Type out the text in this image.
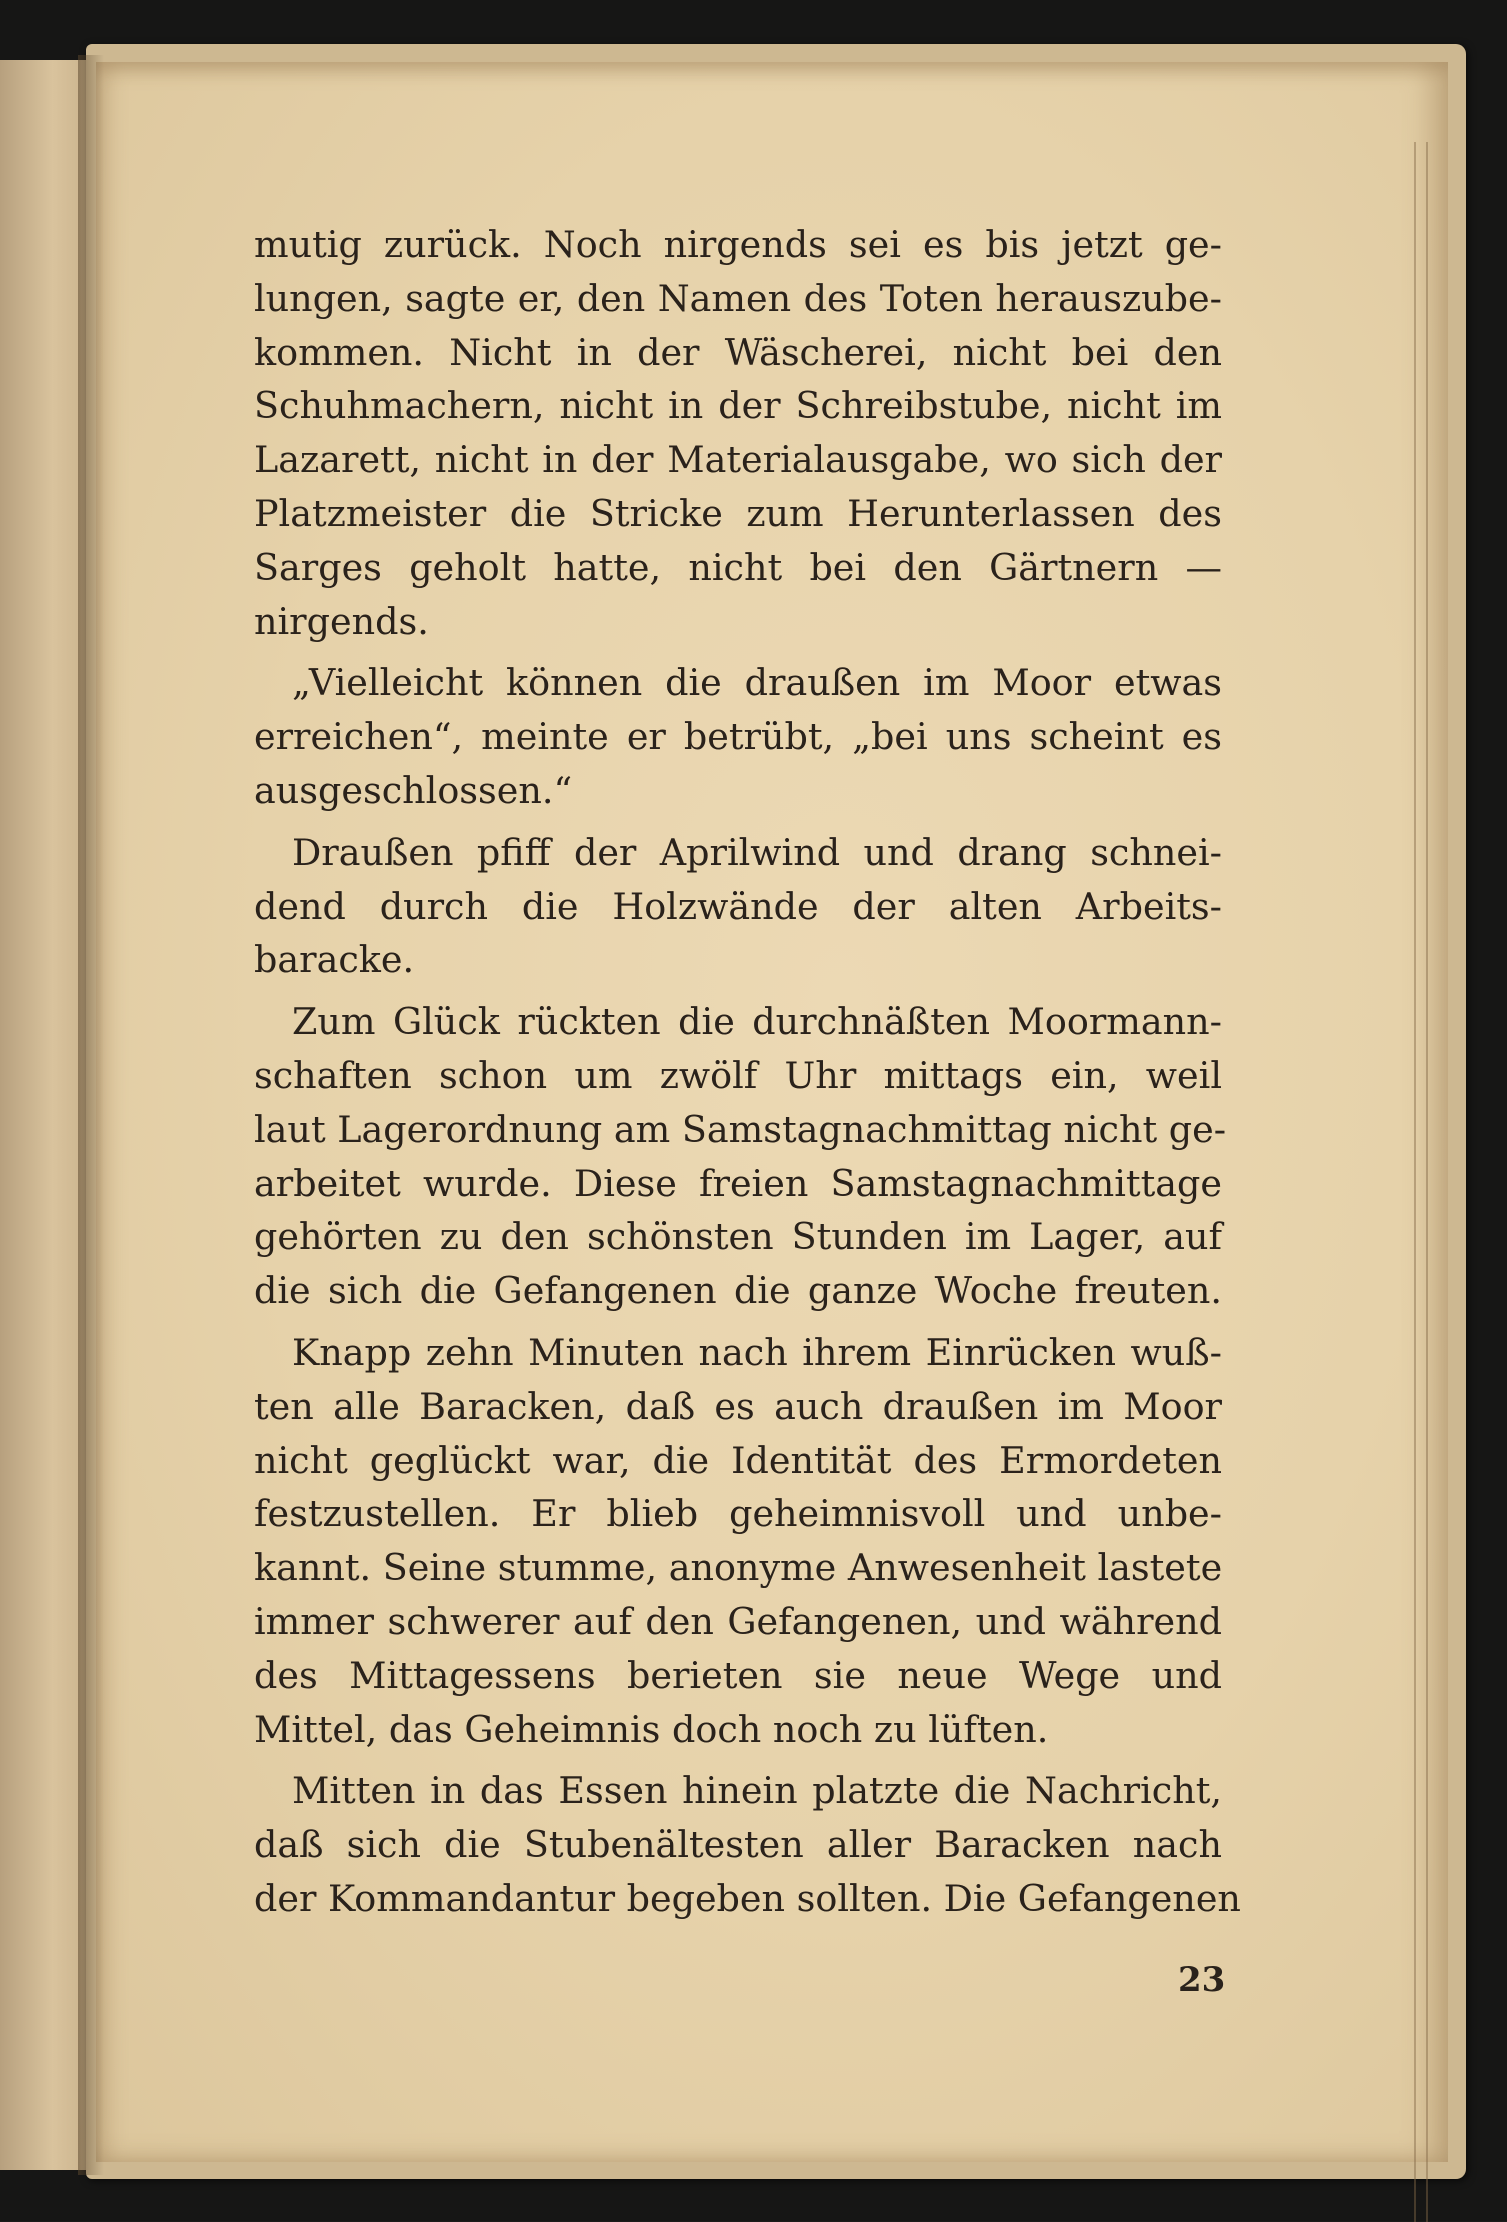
mutig zurück. Noch nirgends sei es bis jetzt ge-
lungen, sagte er, den Namen des Toten herauszube-
kommen. Nicht in der Wäscherei, nicht bei den
Schuhmachern, nicht in der Schreibstube, nicht im
Lazarett, nicht in der Materialausgabe, wo sich der
Platzmeister die Stricke zum Herunterlassen des
Sarges geholt hatte, nicht bei den Gärtnern —
nirgends.
„Vielleicht können die draußen im Moor etwas
erreichen“, meinte er betrübt, „bei uns scheint es
ausgeschlossen.“
Draußen pfiff der Aprilwind und drang schnei-
dend durch die Holzwände der alten Arbeits-
baracke.
Zum Glück rückten die durchnäßten Moormann-
schaften schon um zwölf Uhr mittags ein, weil
laut Lagerordnung am Samstagnachmittag nicht ge-
arbeitet wurde. Diese freien Samstagnachmittage
gehörten zu den schönsten Stunden im Lager, auf
die sich die Gefangenen die ganze Woche freuten.
Knapp zehn Minuten nach ihrem Einrücken wuß-
ten alle Baracken, daß es auch draußen im Moor
nicht geglückt war, die Identität des Ermordeten
festzustellen. Er blieb geheimnisvoll und unbe-
kannt. Seine stumme, anonyme Anwesenheit lastete
immer schwerer auf den Gefangenen, und während
des Mittagessens berieten sie neue Wege und
Mittel, das Geheimnis doch noch zu lüften.
Mitten in das Essen hinein platzte die Nachricht,
daß sich die Stubenältesten aller Baracken nach
der Kommandantur begeben sollten. Die Gefangenen
23
